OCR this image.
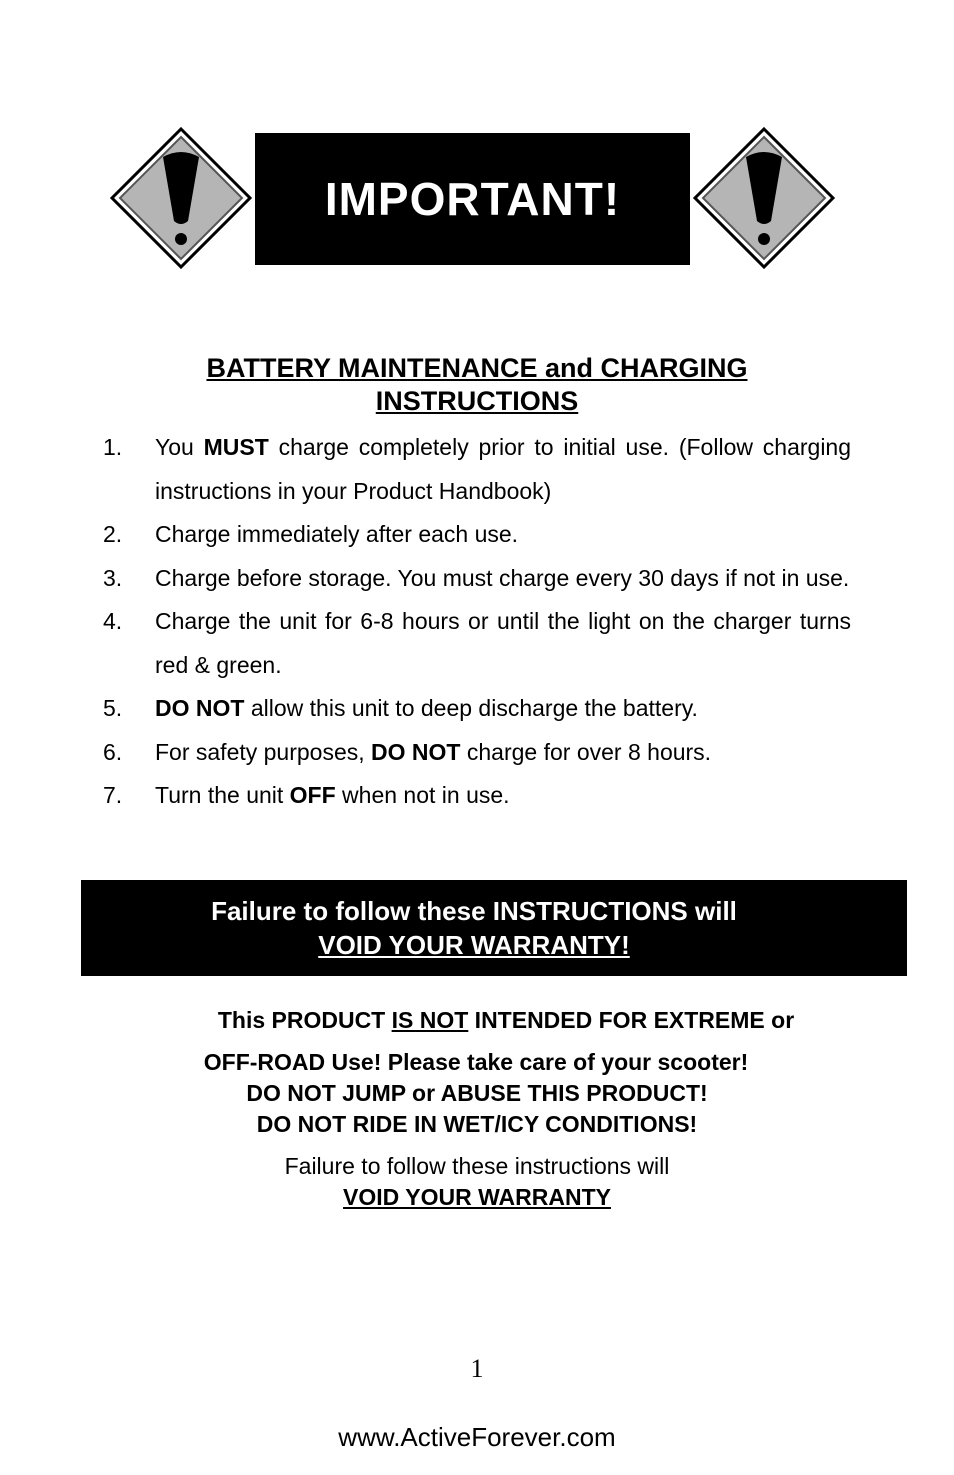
IMPORTANT!
BATTERY MAINTENANCE and CHARGING
INSTRUCTIONS
1. You MUST charge completely prior to initial use. (Follow charging instructions in your Product Handbook)
2. Charge immediately after each use.
3. Charge before storage. You must charge every 30 days if not in use.
4. Charge the unit for 6-8 hours or until the light on the charger turns red & green.
5. DO NOT allow this unit to deep discharge the battery.
6. For safety purposes, DO NOT charge for over 8 hours.
7. Turn the unit OFF when not in use.
Failure to follow these INSTRUCTIONS will
VOID YOUR WARRANTY!
This PRODUCT IS NOT INTENDED FOR EXTREME or
OFF-ROAD Use! Please take care of your scooter!
DO NOT JUMP or ABUSE THIS PRODUCT!
DO NOT RIDE IN WET/ICY CONDITIONS!
Failure to follow these instructions will
VOID YOUR WARRANTY
1
www.ActiveForever.com
